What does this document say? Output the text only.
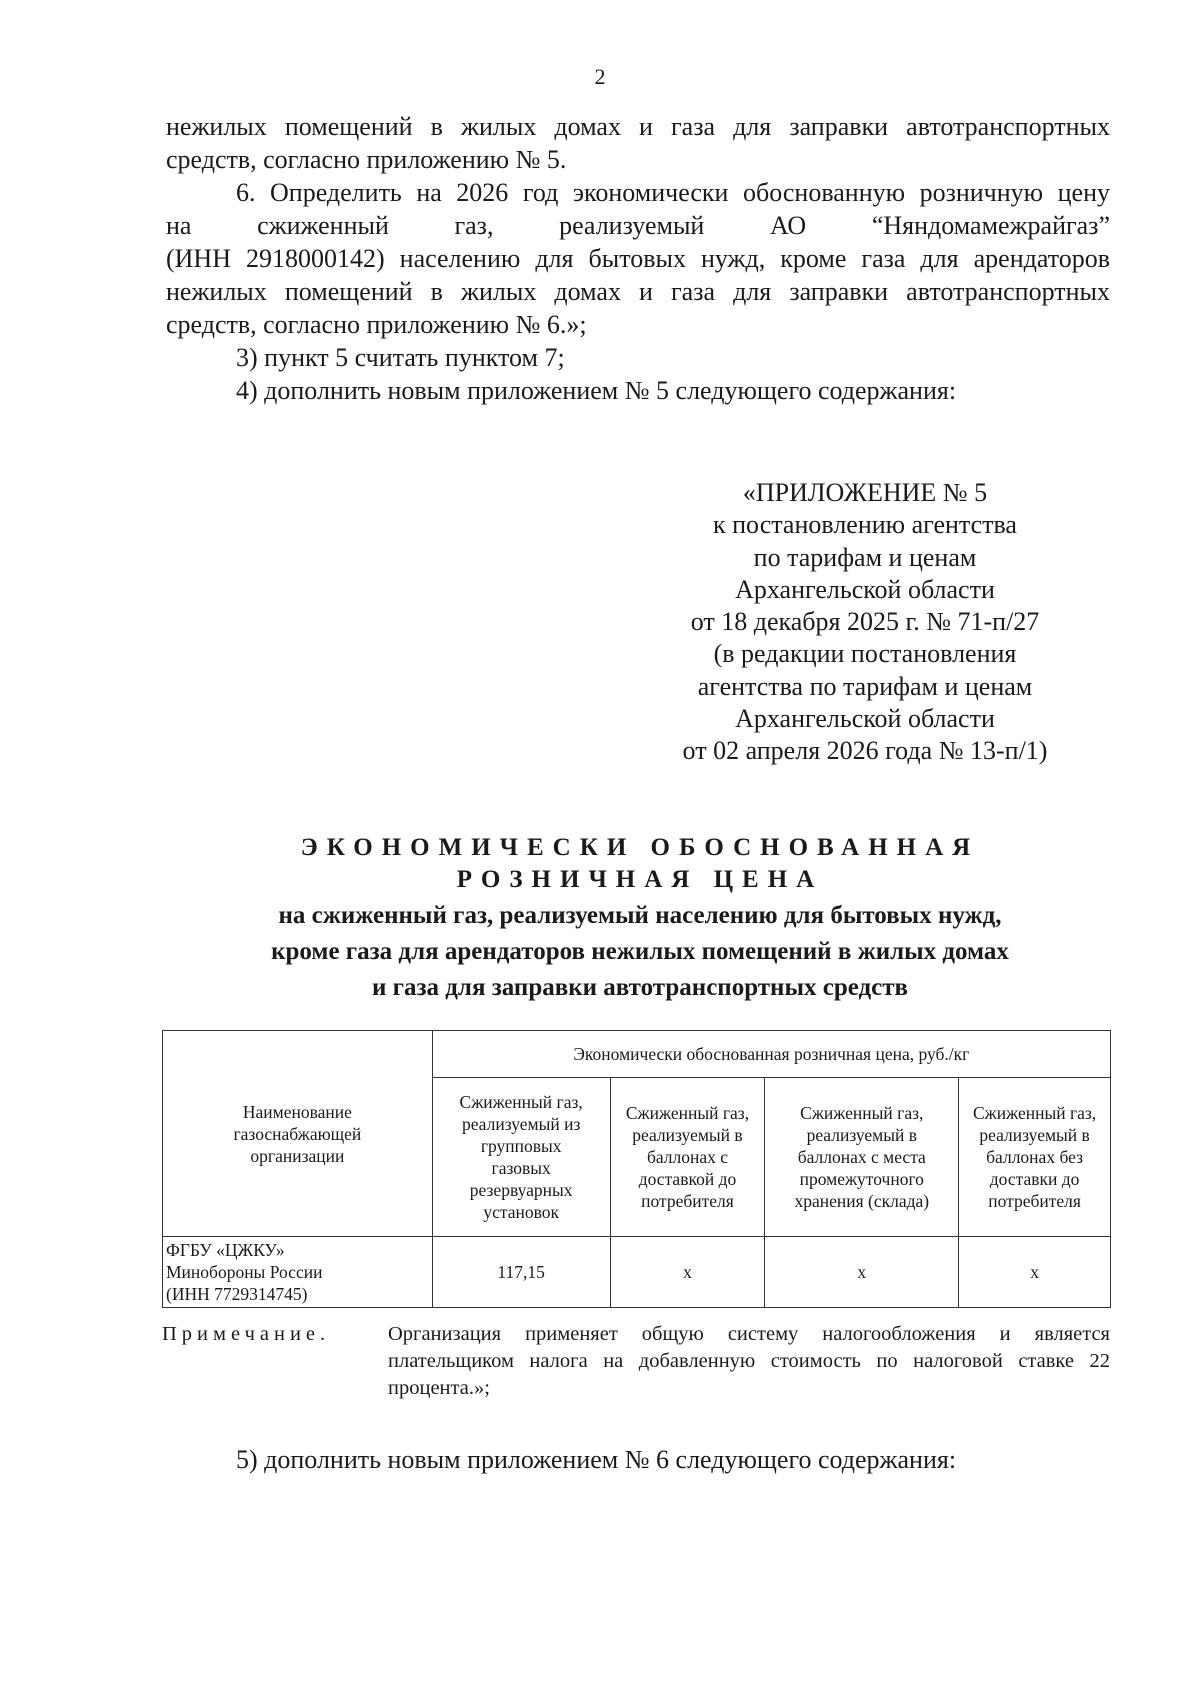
2

нежилых помещений в жилых домах и газа для заправки автотранспортных

средств, согласно приложению № 5.

6. Определить на 2026 год экономически обоснованную розничную цену

на сжиженный газ, реализуемый АО “Няндомамежрайгаз”

(ИНН 2918000142) населению для бытовых нужд, кроме газа для арендаторов

нежилых помещений в жилых домах и газа для заправки автотранспортных

средств, согласно приложению № 6.»;

3) пункт 5 считать пунктом 7;

4) дополнить новым приложением № 5 следующего содержания:

«ПРИЛОЖЕНИЕ № 5
к постановлению агентства
по тарифам и ценам
Архангельской области
от 18 декабря 2025 г. № 71-п/27
(в редакции постановления
агентства по тарифам и ценам
Архангельской области
от 02 апреля 2026 года № 13-п/1)
ЭКОНОМИЧЕСКИ ОБОСНОВАННАЯ
РОЗНИЧНАЯ ЦЕНА
на сжиженный газ, реализуемый населению для бытовых нужд,
кроме газа для арендаторов нежилых помещений в жилых домах
и газа для заправки автотранспортных средств
Наименование газоснабжающей организации	Экономически обоснованная розничная цена, руб./кг			
	Сжиженный газ, реализуемый из групповых газовых резервуарных установок	Сжиженный газ, реализуемый в баллонах с доставкой до потребителя	Сжиженный газ, реализуемый в баллонах с места промежуточного хранения (склада)	Сжиженный газ, реализуемый в баллонах без доставки до потребителя
ФГБУ «ЦЖКУ» Минобороны России (ИНН 7729314745)	117,15	х	х	х
Примечание.	Организация применяет общую систему налогообложения и является плательщиком налога на добавленную стоимость по налоговой ставке 22 процента.»;
5) дополнить новым приложением № 6 следующего содержания:
